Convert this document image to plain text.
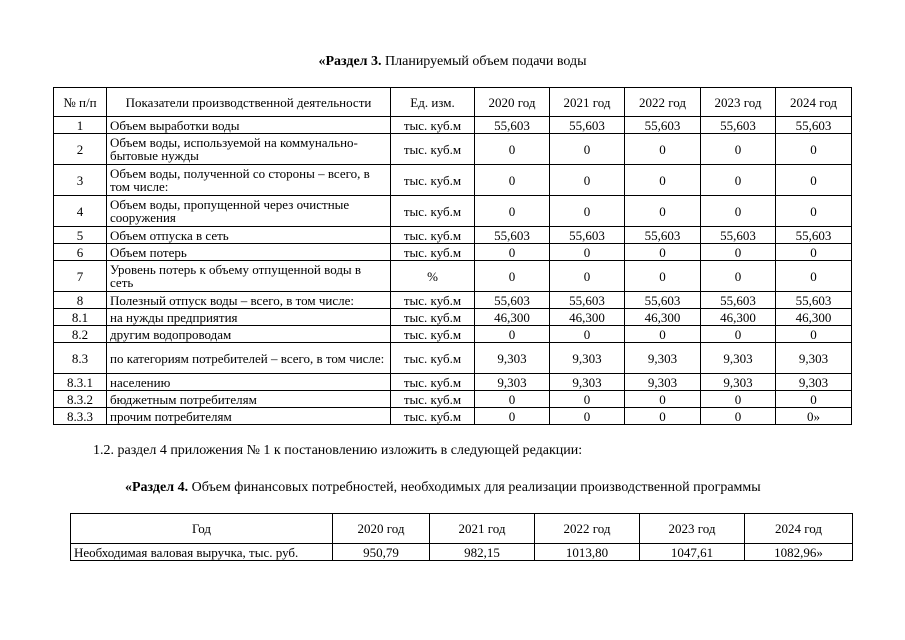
«Раздел 3. Планируемый объем подачи воды
№ п/п	Показатели производственной деятельности	Ед. изм.	2020 год	2021 год	2022 год	2023 год	2024 год
1	Объем выработки воды	тыс. куб.м	55,603	55,603	55,603	55,603	55,603
2	Объем воды, используемой на коммунально-бытовые нужды	тыс. куб.м	0	0	0	0	0
3	Объем воды, полученной со стороны – всего, в том числе:	тыс. куб.м	0	0	0	0	0
4	Объем воды, пропущенной через очистные сооружения	тыс. куб.м	0	0	0	0	0
5	Объем отпуска в сеть	тыс. куб.м	55,603	55,603	55,603	55,603	55,603
6	Объем потерь	тыс. куб.м	0	0	0	0	0
7	Уровень потерь к объему отпущенной воды в сеть	%	0	0	0	0	0
8	Полезный отпуск воды – всего, в том числе:	тыс. куб.м	55,603	55,603	55,603	55,603	55,603
8.1	на нужды предприятия	тыс. куб.м	46,300	46,300	46,300	46,300	46,300
8.2	другим водопроводам	тыс. куб.м	0	0	0	0	0
8.3	по категориям потребителей – всего, в том числе:	тыс. куб.м	9,303	9,303	9,303	9,303	9,303
8.3.1	населению	тыс. куб.м	9,303	9,303	9,303	9,303	9,303
8.3.2	бюджетным потребителям	тыс. куб.м	0	0	0	0	0
8.3.3	прочим потребителям	тыс. куб.м	0	0	0	0	0»
1.2. раздел 4 приложения № 1 к постановлению изложить в следующей редакции:
«Раздел 4. Объем финансовых потребностей, необходимых для реализации производственной программы
Год	2020 год	2021 год	2022 год	2023 год	2024 год
Необходимая валовая выручка, тыс. руб.	950,79	982,15	1013,80	1047,61	1082,96»
